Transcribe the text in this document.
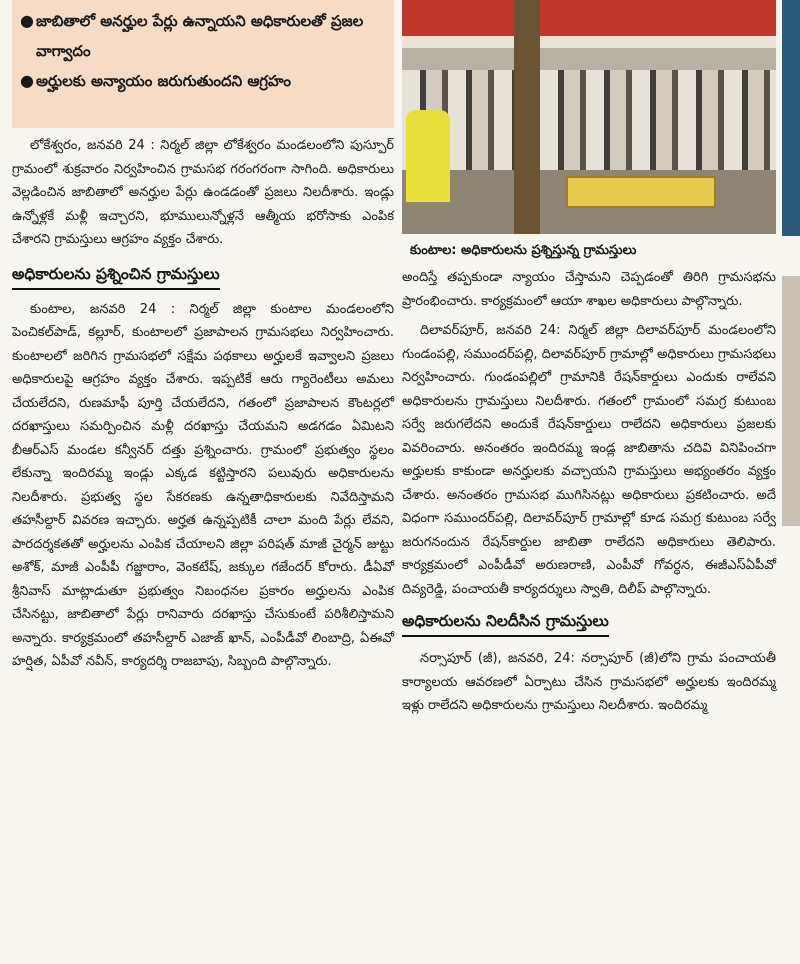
● జాబితాలో అనర్హుల పేర్లు ఉన్నాయని అధికారులతో ప్రజల వాగ్వాదం
● అర్హులకు అన్యాయం జరుగుతుందని ఆగ్రహం

లోకేశ్వరం, జనవరి 24 : నిర్మల్ జిల్లా లోకేశ్వరం మండలంలోని పుస్పూర్ గ్రామంలో శుక్రవారం నిర్వహించిన గ్రామసభ గరంగరంగా సాగింది. అధికారులు వెల్లడించిన జాబితాలో అనర్హుల పేర్లు ఉండడంతో ప్రజలు నిలదీశారు. ఇండ్లు ఉన్నోళ్లకే మళ్లీ ఇచ్చారని, భూములున్నోళ్లనే ఆత్మీయ భరోసాకు ఎంపిక చేశారని గ్రామస్తులు ఆగ్రహం వ్యక్తం చేశారు.

అధికారులను ప్రశ్నించిన గ్రామస్తులు

కుంటాల, జనవరి 24 : నిర్మల్ జిల్లా కుంటాల మండలంలోని పెంచికల్‌పాడ్, కల్లూర్, కుంటాలలో ప్రజాపాలన గ్రామసభలు నిర్వహించారు. కుంటాలలో జరిగిన గ్రామసభలో సక్షేమ పథకాలు అర్హులకే ఇవ్వాలని ప్రజలు అధికారులపై ఆగ్రహం వ్యక్తం చేశారు. ఇప్పటికే ఆరు గ్యారెంటీలు అమలు చేయలేదని, రుణమాఫీ పూర్తి చేయలేదని, గతంలో ప్రజాపాలన కౌంటర్లలో దరఖాస్తులు సమర్పించిన మళ్లీ దరఖాస్తు చేయమని అడగడం ఏమిటని బీఆర్‌ఎస్ మండల కన్వీనర్ దత్తు ప్రశ్నించారు. గ్రామంలో ప్రభుత్వం స్థలం లేకున్నా ఇందిరమ్మ ఇండ్లు ఎక్కడ కట్టిస్తారని పలువురు అధికారులను నిలదీశారు. ప్రభుత్వ స్థల సేకరణకు ఉన్నతాధికారులకు నివేదిస్తామని తహసీల్దార్ వివరణ ఇచ్చారు. అర్హత ఉన్నప్పటికీ చాలా మంది పేర్లు లేవని, పారదర్శకతతో అర్హులను ఎంపిక చేయాలని జిల్లా పరిషత్ మాజీ చైర్మన్ జుట్టు అశోక్, మాజీ ఎంపీపీ గజ్జారాం, వెంకటేష్, జక్కుల గజేందర్ కోరారు. డీఏవో శ్రీనివాస్ మాట్లాడుతూ ప్రభుత్వం నిబంధనల ప్రకారం అర్హులను ఎంపిక చేసినట్టు, జాబితాలో పేర్లు రానివారు దరఖాస్తు చేసుకుంటే పరిశీలిస్తామని అన్నారు. కార్యక్రమంలో తహసీల్దార్ ఎజాజ్ ఖాన్, ఎంపీడీవో లింబాద్రి, ఏఈవో హర్షిత, ఏపీవో నవీన్, కార్యదర్శి రాజబాపు, సిబ్బంది పాల్గొన్నారు.

కుంటాల: అధికారులను ప్రశ్నిస్తున్న గ్రామస్తులు

అందిస్తే తప్పకుండా న్యాయం చేస్తామని చెప్పడంతో తిరిగి గ్రామసభను ప్రారంభించారు. కార్యక్రమంలో ఆయా శాఖల అధికారులు పాల్గొన్నారు.

దిలావర్‌పూర్, జనవరి 24: నిర్మల్ జిల్లా దిలావర్‌పూర్ మండలంలోని గుండంపల్లి, సముందర్‌పల్లి, దిలావర్‌పూర్ గ్రామాల్లో అధికారులు గ్రామసభలు నిర్వహించారు. గుండంపల్లిలో గ్రామానికి రేషన్‌కార్డులు ఎందుకు రాలేవని అధికారులను గ్రామస్తులు నిలదీశారు. గతంలో గ్రామంలో సమగ్ర కుటుంబ సర్వే జరుగలేదని అందుకే రేషన్‌కార్డులు రాలేదని అధికారులు ప్రజలకు వివరించారు. అనంతరం ఇందిరమ్మ ఇండ్ల జాబితాను చదివి వినిపించగా అర్హులకు కాకుండా అనర్హులకు వచ్చాయని గ్రామస్తులు అభ్యంతరం వ్యక్తం చేశారు. అనంతరం గ్రామసభ ముగిసినట్లు అధికారులు ప్రకటించారు. అదే విధంగా సముందర్‌పల్లి, దిలావర్‌పూర్ గ్రామాల్లో కూడ సమగ్ర కుటుంబ సర్వే జరుగనందున రేషన్‌కార్డుల జాబితా రాలేదని అధికారులు తెలిపారు. కార్యక్రమంలో ఎంపీడీవో అరుణరాణి, ఎంపీవో గోవర్ధన, ఈజీఎస్‌ఏపీవో దివ్యరెడ్డి, పంచాయతీ కార్యదర్శులు స్వాతి, దిలీప్ పాల్గొన్నారు.

అధికారులను నిలదీసిన గ్రామస్తులు

నర్సాపూర్ (జీ), జనవరి, 24: నర్సాపూర్ (జీ)లోని గ్రామ పంచాయతీ కార్యాలయ ఆవరణలో ఏర్పాటు చేసిన గ్రామసభలో అర్హులకు ఇందిరమ్మ ఇళ్లు రాలేదని అధికారులను గ్రామస్తులు నిలదీశారు. ఇందిరమ్మ
